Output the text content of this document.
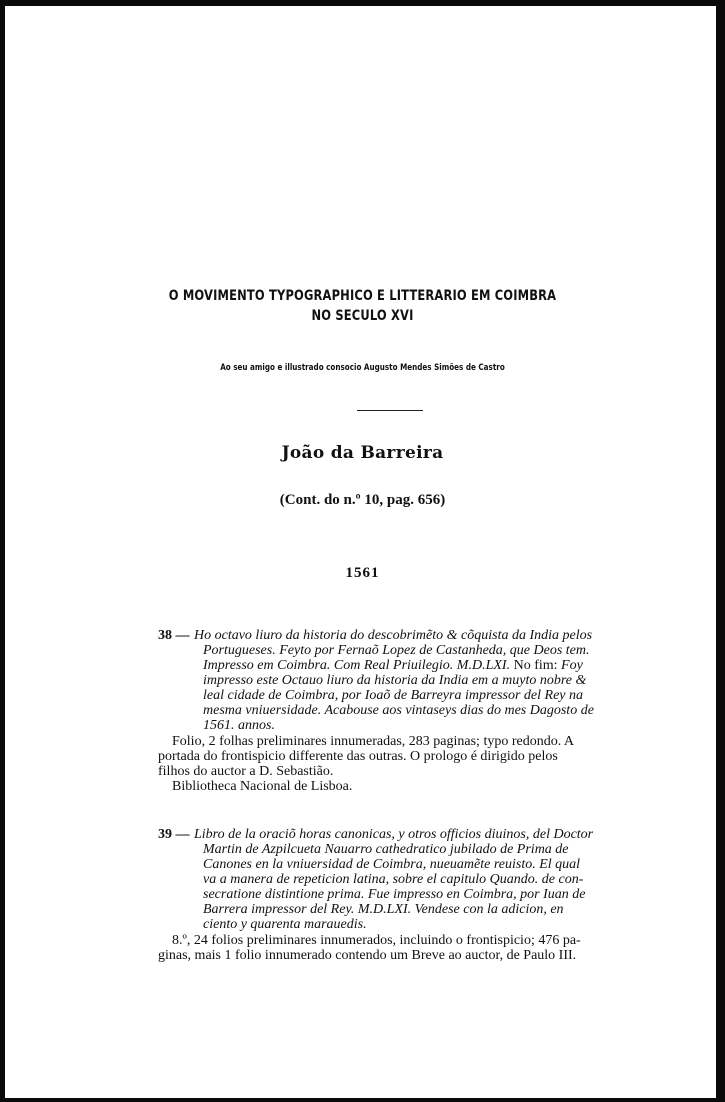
O MOVIMENTO TYPOGRAPHICO E LITTERARIO EM COIMBRA
NO SECULO XVI
Ao seu amigo e illustrado consocio Augusto Mendes Simões de Castro
João da Barreira
(Cont. do n.º 10, pag. 656)
1561
38 — Ho octavo liuro da historia do descobrimẽto & cõquista da India pelos
Portugueses. Feyto por Fernaõ Lopez de Castanheda, que Deos tem.
Impresso em Coimbra. Com Real Priuilegio. M.D.LXI. No fim: Foy
impresso este Octauo liuro da historia da India em a muyto nobre &
leal cidade de Coimbra, por Ioaõ de Barreyra impressor del Rey na
mesma vniuersidade. Acabouse aos vintaseys dias do mes Dagosto de
1561. annos.
Folio, 2 folhas preliminares innumeradas, 283 paginas; typo redondo. A
portada do frontispicio differente das outras. O prologo é dirigido pelos
filhos do auctor a D. Sebastião.
Bibliotheca Nacional de Lisboa.
39 — Libro de la oraciõ horas canonicas, y otros officios diuinos, del Doctor
Martin de Azpilcueta Nauarro cathedratico jubilado de Prima de
Canones en la vniuersidad de Coimbra, nueuamẽte reuisto. El qual
va a manera de repeticion latina, sobre el capitulo Quando. de con-
secratione distintione prima. Fue impresso en Coimbra, por Iuan de
Barrera impressor del Rey. M.D.LXI. Vendese con la adicion, en
ciento y quarenta marauedis.
8.º, 24 folios preliminares innumerados, incluindo o frontispicio; 476 pa-
ginas, mais 1 folio innumerado contendo um Breve ao auctor, de Paulo III.
